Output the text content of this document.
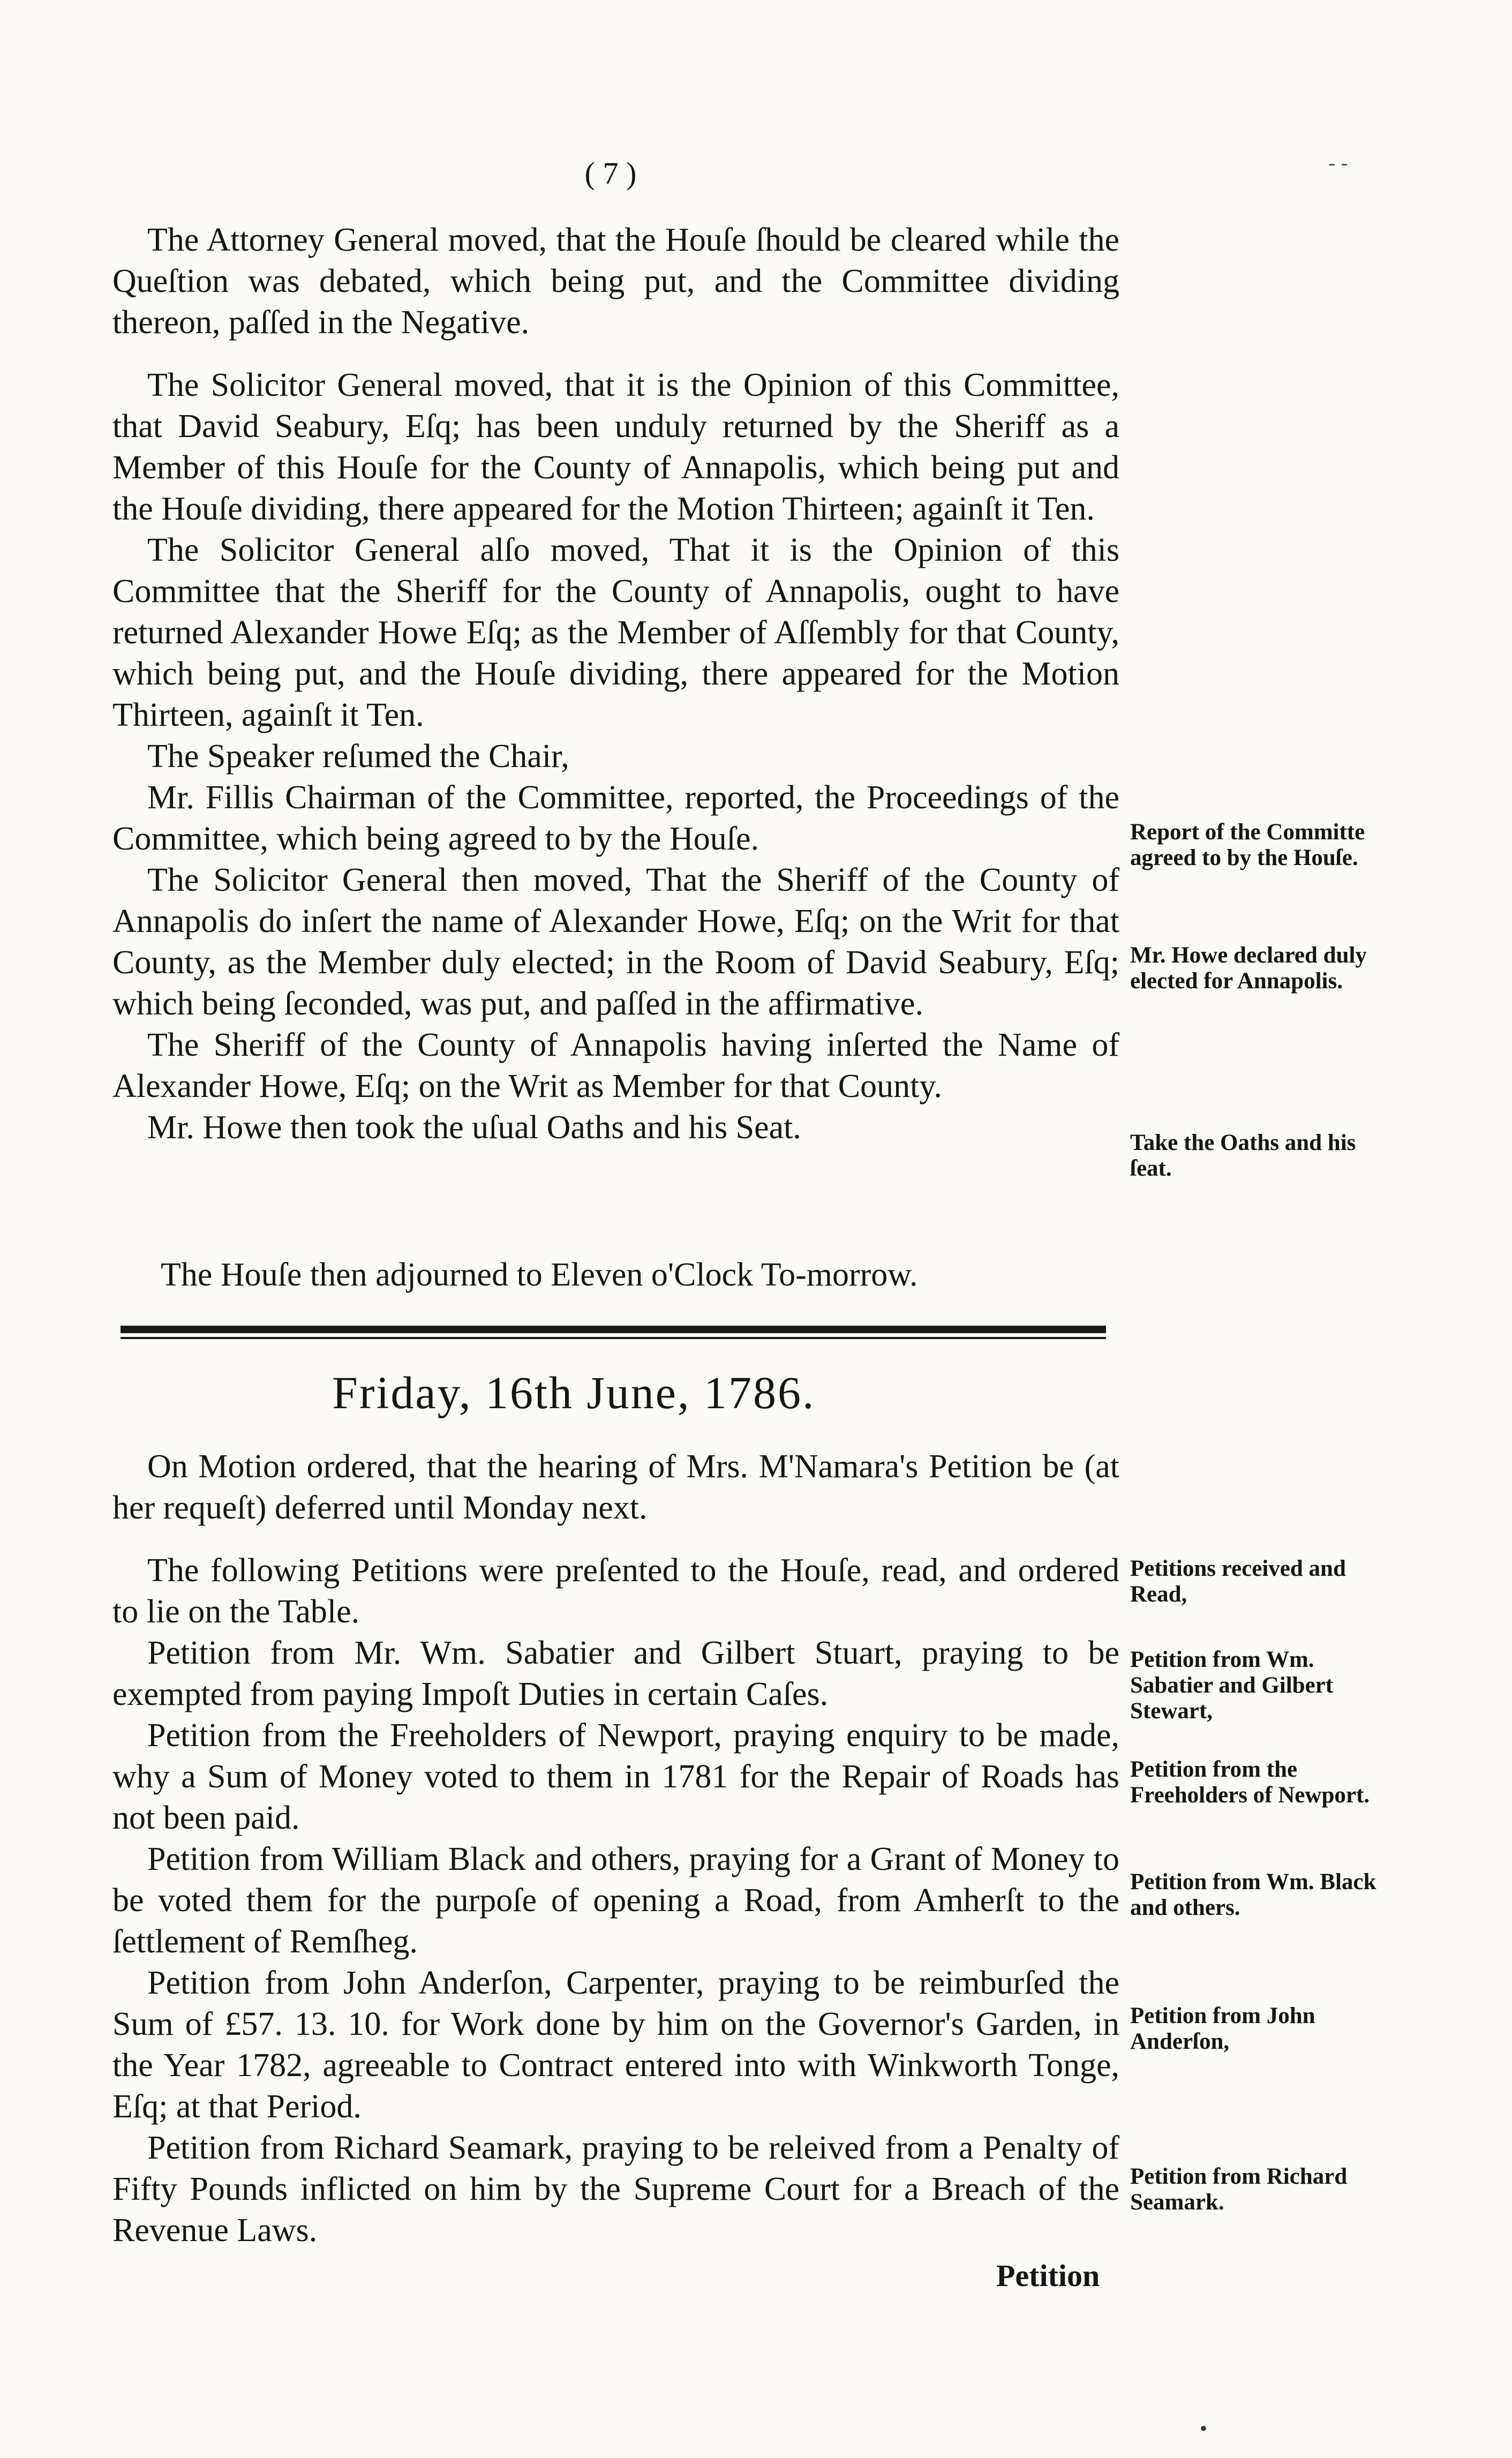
‐ ‐
( 7 )

The Attorney General moved, that the Houſe ſhould be cleared while the Queſtion was debated, which being put, and the Committee dividing thereon, paſſed in the Negative.

The Solicitor General moved, that it is the Opinion of this Committee, that David Seabury, Eſq; has been unduly returned by the Sheriff as a Member of this Houſe for the County of Annapolis, which being put and the Houſe dividing, there appeared for the Motion Thirteen; againſt it Ten.

The Solicitor General alſo moved, That it is the Opinion of this Committee that the Sheriff for the County of Annapolis, ought to have returned Alexander Howe Eſq; as the Member of Aſſembly for that County, which being put, and the Houſe dividing, there appeared for the Motion Thirteen, againſt it Ten.

The Speaker reſumed the Chair,

Mr. Fillis Chairman of the Committee, reported, the Proceedings of the Committee, which being agreed to by the Houſe.

The Solicitor General then moved, That the Sheriff of the County of Annapolis do inſert the name of Alexander Howe, Eſq; on the Writ for that County, as the Member duly elected; in the Room of David Seabury, Eſq; which being ſeconded, was put, and paſſed in the affirmative.

The Sheriff of the County of Annapolis having inſerted the Name of Alexander Howe, Eſq; on the Writ as Member for that County.

Mr. Howe then took the uſual Oaths and his Seat.

The Houſe then adjourned to Eleven o'Clock To-morrow.
Friday, 16th June, 1786.

On Motion ordered, that the hearing of Mrs. M'Namara's Petition be (at her requeſt) deferred until Monday next.

The following Petitions were preſented to the Houſe, read, and ordered to lie on the Table.

Petition from Mr. Wm. Sabatier and Gilbert Stuart, praying to be exempted from paying Impoſt Duties in certain Caſes.

Petition from the Freeholders of Newport, praying enquiry to be made, why a Sum of Money voted to them in 1781 for the Repair of Roads has not been paid.

Petition from William Black and others, praying for a Grant of Money to be voted them for the purpoſe of opening a Road, from Amherſt to the ſettlement of Remſheg.

Petition from John Anderſon, Carpenter, praying to be reimburſed the Sum of £57. 13. 10. for Work done by him on the Governor's Garden, in the Year 1782, agreeable to Contract entered into with Winkworth Tonge, Eſq; at that Period.

Petition from Richard Seamark, praying to be releived from a Penalty of Fifty Pounds inflicted on him by the Supreme Court for a Breach of the Revenue Laws.

Petition
Report of the Committe agreed to by the Houſe.
Mr. Howe declared duly elected for Annapolis.
Take the Oaths and his ſeat.
Petitions received and Read,
Petition from Wm. Sabatier and Gilbert Stewart,
Petition from the Freeholders of Newport.
Petition from Wm. Black and others.
Petition from John Anderſon,
Petition from Richard Seamark.
•
